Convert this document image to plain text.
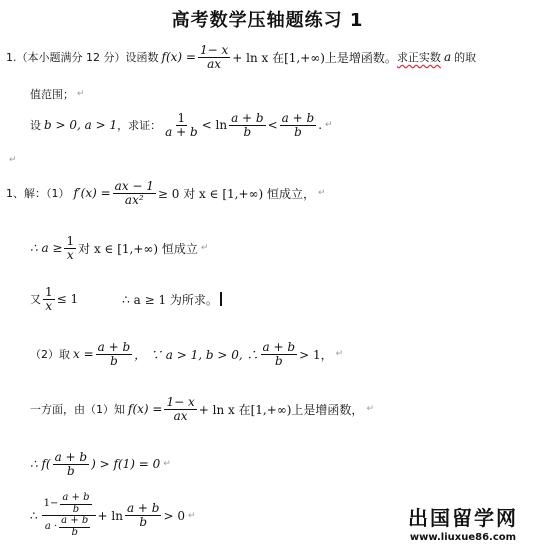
高考数学压轴题练习 1
1. （本小题满分 12 分）设函数 $f(x) = \frac{1- x}{ax} + \ln x$ 在[1,+∞)上是增函数。 求正实数 a 的取
值范围； ↵
设 b > 0, a > 1 ，求证： $\frac{1}{a + b} < \ln \frac{a + b}{b} < \frac{a + b}{b}$ . ↵
↵
1、 解：（1） $f'(x) = \frac{ax - 1}{\text{ax²}} \ge 0$ 对 x ∈ [1,+∞) 恒成立， ↵
∴ $a \ge \frac{1}{x}$ 对 x ∈ [1,+∞) 恒成立 ↵
又 $\frac{1}{x} \le 1$	∴ a ≥ 1 为所求。
（2）取 $x = \frac{a + b}{b}$ ， ∵ a > 1, b > 0, ∴ $\frac{a + b}{b} > 1$， ↵
一方面，由（1）知 $f(x) = \frac{1- x}{ax} + \ln x$ 在[1,+∞)上是增函数， ↵
∴ $f( \frac{a + b}{b}$ ) > f(1) = 0 ↵
∴ $\frac{1- \frac{a + b}{b}}{a \cdot \frac{a + b}{b}} + \ln \frac{a + b}{b} > 0$ ↵	出国留学网
www.liuxue86.com
